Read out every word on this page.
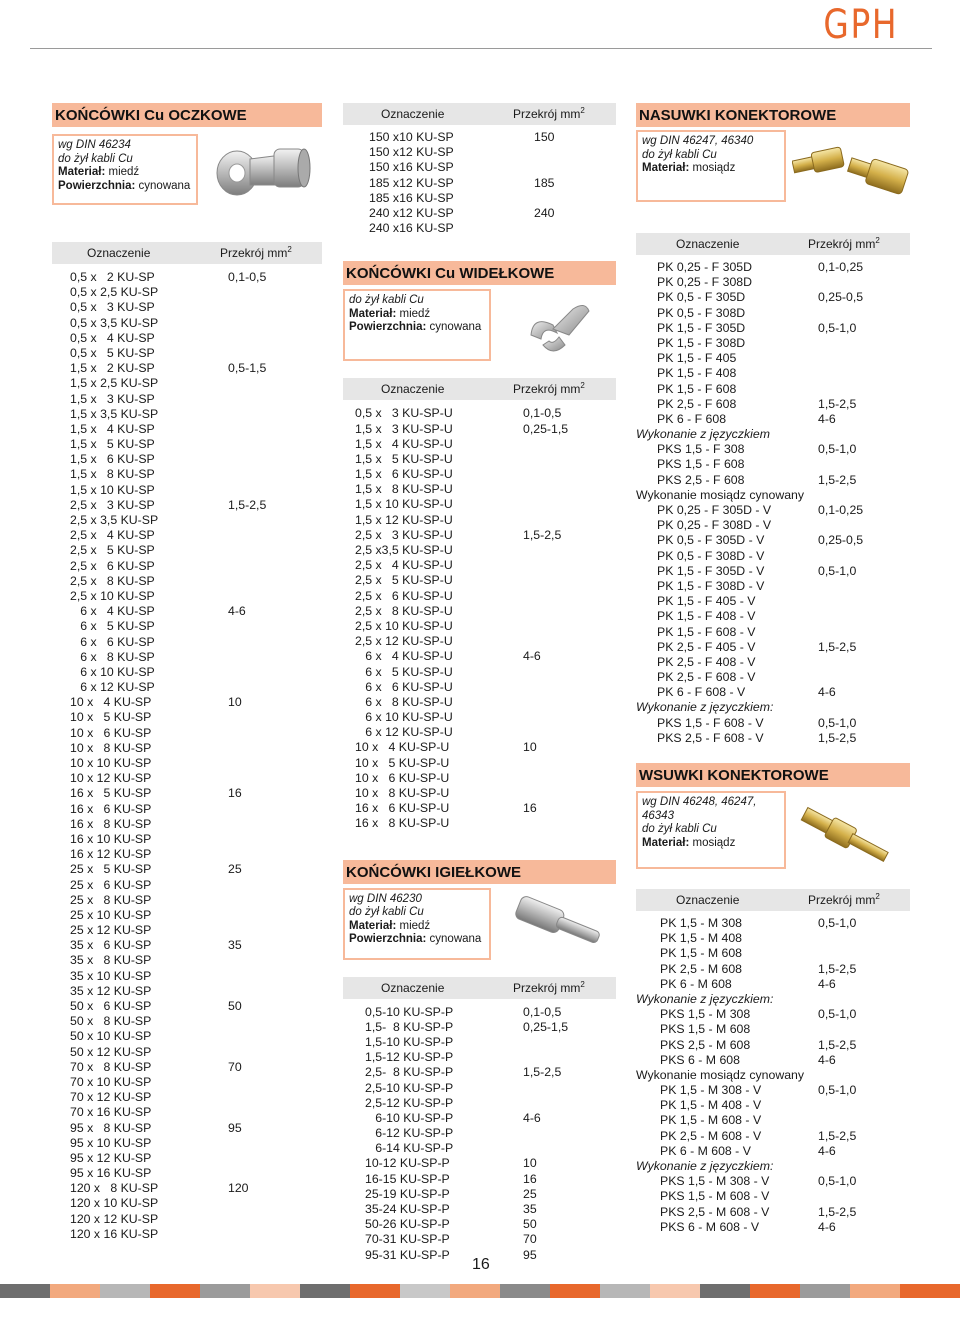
GPH
KOŃCÓWKI Cu OCZKOWE
wg DIN 46234
do żył kabli Cu
Materiał: miedź
Powierzchnia: cynowana
Oznaczenie	Przekrój $mm^2$
0,5 x   2 KU-SP	0,1-0,5
0,5 x 2,5 KU-SP
0,5 x   3 KU-SP
0,5 x 3,5 KU-SP
0,5 x   4 KU-SP
0,5 x   5 KU-SP
1,5 x   2 KU-SP	0,5-1,5
1,5 x 2,5 KU-SP
1,5 x   3 KU-SP
1,5 x 3,5 KU-SP
1,5 x   4 KU-SP
1,5 x   5 KU-SP
1,5 x   6 KU-SP
1,5 x   8 KU-SP
1,5 x 10 KU-SP
2,5 x   3 KU-SP	1,5-2,5
2,5 x 3,5 KU-SP
2,5 x   4 KU-SP
2,5 x   5 KU-SP
2,5 x   6 KU-SP
2,5 x   8 KU-SP
2,5 x 10 KU-SP
6 x   4 KU-SP	4-6
6 x   5 KU-SP
6 x   6 KU-SP
6 x   8 KU-SP
6 x 10 KU-SP
6 x 12 KU-SP
10 x   4 KU-SP	10
10 x   5 KU-SP
10 x   6 KU-SP
10 x   8 KU-SP
10 x 10 KU-SP
10 x 12 KU-SP
16 x   5 KU-SP	16
16 x   6 KU-SP
16 x   8 KU-SP
16 x 10 KU-SP
16 x 12 KU-SP
25 x   5 KU-SP	25
25 x   6 KU-SP
25 x   8 KU-SP
25 x 10 KU-SP
25 x 12 KU-SP
35 x   6 KU-SP	35
35 x   8 KU-SP
35 x 10 KU-SP
35 x 12 KU-SP
50 x   6 KU-SP	50
50 x   8 KU-SP
50 x 10 KU-SP
50 x 12 KU-SP
70 x   8 KU-SP	70
70 x 10 KU-SP
70 x 12 KU-SP
70 x 16 KU-SP
95 x   8 KU-SP	95
95 x 10 KU-SP
95 x 12 KU-SP
95 x 16 KU-SP
120 x   8 KU-SP	120
120 x 10 KU-SP
120 x 12 KU-SP
120 x 16 KU-SP
Oznaczenie	Przekrój $mm^2$
150 x10 KU-SP	150
150 x12 KU-SP
150 x16 KU-SP
185 x12 KU-SP	185
185 x16 KU-SP
240 x12 KU-SP	240
240 x16 KU-SP
KOŃCÓWKI Cu WIDEŁKOWE
do żył kabli Cu
Materiał: miedź
Powierzchnia: cynowana
Oznaczenie	Przekrój $mm^2$
0,5 x   3 KU-SP-U	0,1-0,5
1,5 x   3 KU-SP-U	0,25-1,5
1,5 x   4 KU-SP-U
1,5 x   5 KU-SP-U
1,5 x   6 KU-SP-U
1,5 x   8 KU-SP-U
1,5 x 10 KU-SP-U
1,5 x 12 KU-SP-U
2,5 x   3 KU-SP-U	1,5-2,5
2,5 x3,5 KU-SP-U
2,5 x   4 KU-SP-U
2,5 x   5 KU-SP-U
2,5 x   6 KU-SP-U
2,5 x   8 KU-SP-U
2,5 x 10 KU-SP-U
2,5 x 12 KU-SP-U
6 x   4 KU-SP-U	4-6
6 x   5 KU-SP-U
6 x   6 KU-SP-U
6 x   8 KU-SP-U
6 x 10 KU-SP-U
6 x 12 KU-SP-U
10 x   4 KU-SP-U	10
10 x   5 KU-SP-U
10 x   6 KU-SP-U
10 x   8 KU-SP-U
16 x   6 KU-SP-U	16
16 x   8 KU-SP-U
KOŃCÓWKI IGIEŁKOWE
wg DIN 46230
do żył kabli Cu
Materiał: miedź
Powierzchnia: cynowana
Oznaczenie	Przekrój $mm^2$
0,5-10 KU-SP-P	0,1-0,5
1,5-  8 KU-SP-P	0,25-1,5
1,5-10 KU-SP-P
1,5-12 KU-SP-P
2,5-  8 KU-SP-P	1,5-2,5
2,5-10 KU-SP-P
2,5-12 KU-SP-P
6-10 KU-SP-P	4-6
6-12 KU-SP-P
6-14 KU-SP-P
10-12 KU-SP-P	10
16-15 KU-SP-P	16
25-19 KU-SP-P	25
35-24 KU-SP-P	35
50-26 KU-SP-P	50
70-31 KU-SP-P	70
95-31 KU-SP-P	95
NASUWKI KONEKTOROWE
wg DIN 46247, 46340
do żył kabli Cu
Materiał: mosiądz
Oznaczenie	Przekrój $mm^2$
PK 0,25 - F 305D	0,1-0,25
PK 0,25 - F 308D
PK 0,5 - F 305D	0,25-0,5
PK 0,5 - F 308D
PK 1,5 - F 305D	0,5-1,0
PK 1,5 - F 308D
PK 1,5 - F 405
PK 1,5 - F 408
PK 1,5 - F 608
PK 2,5 - F 608	1,5-2,5
PK 6 - F 608	4-6
Wykonanie z języczkiem
PKS 1,5 - F 308	0,5-1,0
PKS 1,5 - F 608
PKS 2,5 - F 608	1,5-2,5
Wykonanie mosiądz cynowany
PK 0,25 - F 305D - V	0,1-0,25
PK 0,25 - F 308D - V
PK 0,5 - F 305D - V	0,25-0,5
PK 0,5 - F 308D - V
PK 1,5 - F 305D - V	0,5-1,0
PK 1,5 - F 308D - V
PK 1,5 - F 405 - V
PK 1,5 - F 408 - V
PK 1,5 - F 608 - V
PK 2,5 - F 405 - V	1,5-2,5
PK 2,5 - F 408 - V
PK 2,5 - F 608 - V
PK 6 - F 608 - V	4-6
Wykonanie z języczkiem:
PKS 1,5 - F 608 - V	0,5-1,0
PKS 2,5 - F 608 - V	1,5-2,5
WSUWKI KONEKTOROWE
wg DIN 46248, 46247,
46343
do żył kabli Cu
Materiał: mosiądz
Oznaczenie	Przekrój $mm^2$
PK 1,5 - M 308	0,5-1,0
PK 1,5 - M 408
PK 1,5 - M 608
PK 2,5 - M 608	1,5-2,5
PK 6 - M 608	4-6
Wykonanie z języczkiem:
PKS 1,5 - M 308	0,5-1,0
PKS 1,5 - M 608
PKS 2,5 - M 608	1,5-2,5
PKS 6 - M 608	4-6
Wykonanie mosiądz cynowany
PK 1,5 - M 308 - V	0,5-1,0
PK 1,5 - M 408 - V
PK 1,5 - M 608 - V
PK 2,5 - M 608 - V	1,5-2,5
PK 6 - M 608 - V	4-6
Wykonanie z języczkiem:
PKS 1,5 - M 308 - V	0,5-1,0
PKS 1,5 - M 608 - V
PKS 2,5 - M 608 - V	1,5-2,5
PKS 6 - M 608 - V	4-6
16
